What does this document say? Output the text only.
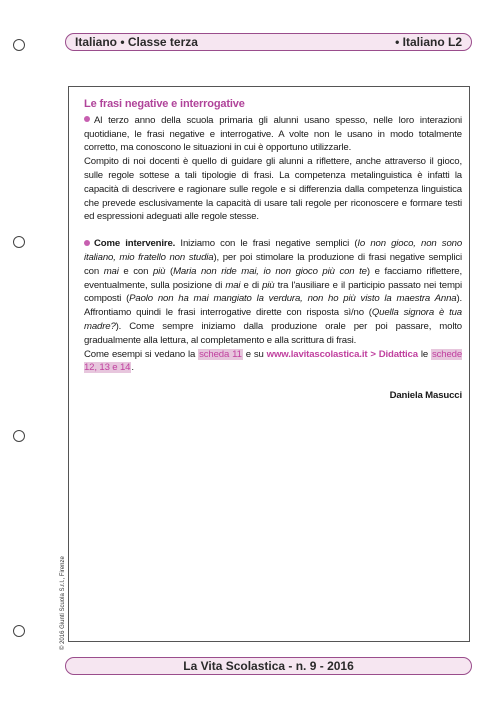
Italiano • Classe terza	• Italiano L2
Le frasi negative e interrogative

Al terzo anno della scuola primaria gli alunni usano spesso, nelle loro interazioni quotidiane, le frasi negative e interrogative. A volte non le usano in modo totalmente corretto, ma conoscono le situazioni in cui è opportuno utilizzarle.

Compito di noi docenti è quello di guidare gli alunni a riflettere, anche attraverso il gioco, sulle regole sottese a tali tipologie di frasi. La competenza metalinguistica è infatti la capacità di descrivere e ragionare sulle regole e si differenzia dalla competenza linguistica che prevede esclusivamente la capacità di usare tali regole per riconoscere e formare testi ed espressioni adeguati alle regole stesse.

Come intervenire. Iniziamo con le frasi negative semplici (Io non gioco, non sono italiano, mio fratello non studia), per poi stimolare la produzione di frasi negative semplici con mai e con più (Maria non ride mai, io non gioco più con te) e facciamo riflettere, eventualmente, sulla posizione di mai e di più tra l'ausiliare e il participio passato nei tempi composti (Paolo non ha mai mangiato la verdura, non ho più visto la maestra Anna). Affrontiamo quindi le frasi interrogative dirette con risposta sì/no (Quella signora è tua madre?). Come sempre iniziamo dalla produzione orale per poi passare, molto gradualmente alla lettura, al completamento e alla scrittura di frasi.

Come esempi si vedano la scheda 11 e su www.lavitascolastica.it > Didattica le schede 12, 13 e 14.

Daniela Masucci
© 2016 Giunti Scuola S.r.l., Firenze
La Vita Scolastica - n. 9 - 2016
